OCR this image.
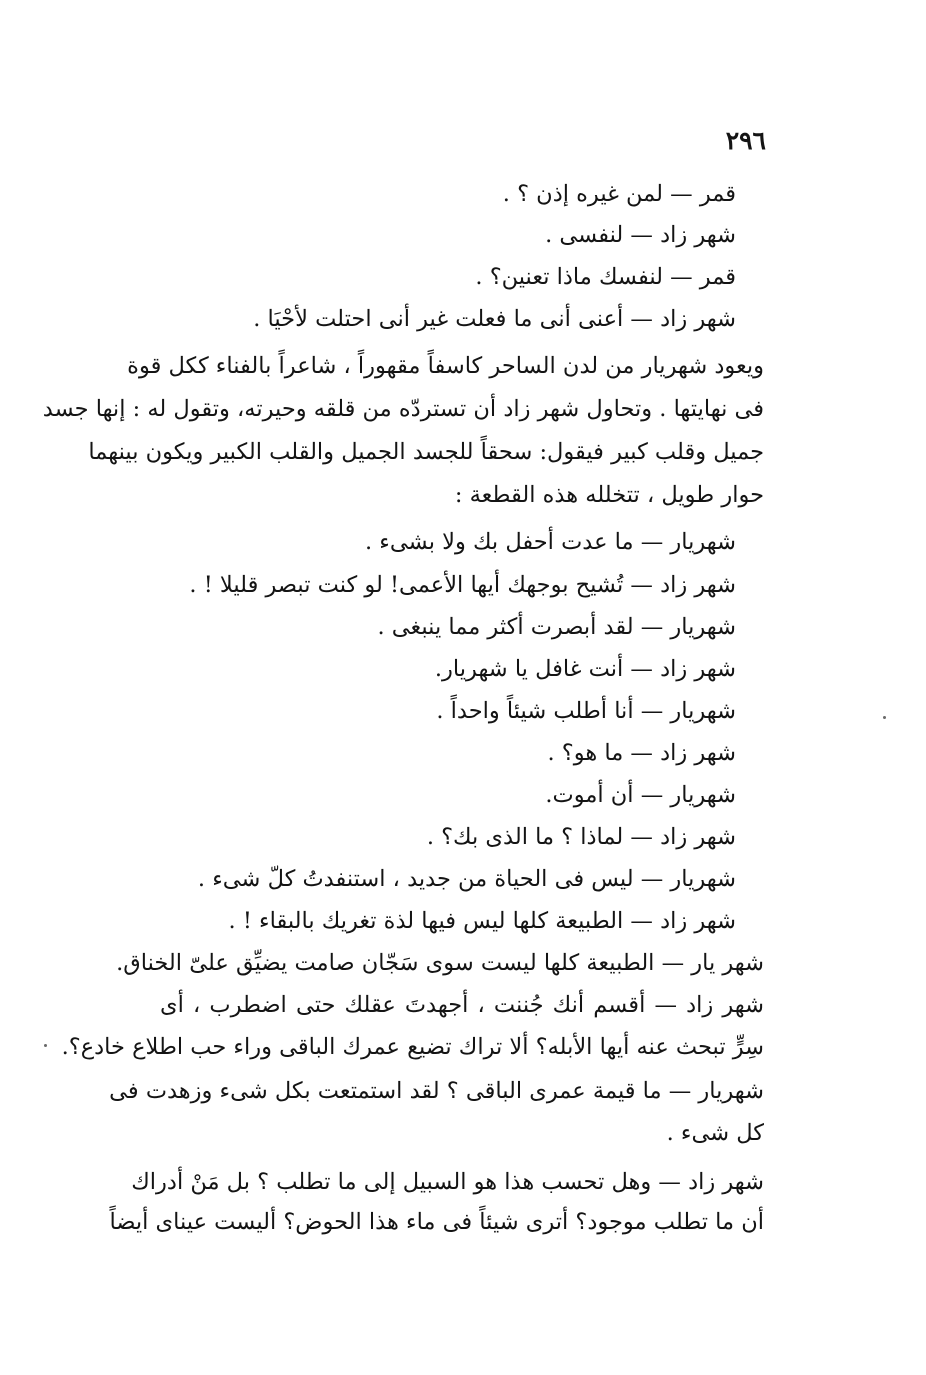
٢٩٦
قمر — لمن غيره إذن ؟ .
شهر زاد — لنفسى .
قمر — لنفسك ماذا تعنين؟ .
شهر زاد — أعنى أنى ما فعلت غير أنى احتلت لأحْيَا .
ويعود شهريار من لدن الساحر كاسفاً مقهوراً ، شاعراً بالفناء ككل قوة
فى نهايتها . وتحاول شهر زاد أن تستردّه من قلقه وحيرته، وتقول له : إنها جسد
جميل وقلب كبير فيقول: سحقاً للجسد الجميل والقلب الكبير ويكون بينهما
حوار طويل ، تتخلله هذه القطعة :
شهريار — ما عدت أحفل بك ولا بشىء .
شهر زاد — تُشيح بوجهك أيها الأعمى! لو كنت تبصر قليلا ! .
شهريار — لقد أبصرت أكثر مما ينبغى .
شهر زاد — أنت غافل يا شهريار.
شهريار — أنا أطلب شيئاً واحداً .
شهر زاد — ما هو؟ .
شهريار — أن أموت.
شهر زاد — لماذا ؟ ما الذى بك؟ .
شهريار — ليس فى الحياة من جديد ، استنفدتُ كلّ شىء .
شهر زاد — الطبيعة كلها ليس فيها لذة تغريك بالبقاء ! .
شهر يار — الطبيعة كلها ليست سوى سَجّان صامت يضيِّق علىّ الخناق.
شهر زاد — أقسم أنك جُننت ، أجهدتَ عقلك حتى اضطرب ، أى
سِرٍّ تبحث عنه أيها الأبله؟ ألا تراك تضيع عمرك الباقى وراء حب اطلاع خادع؟.
شهريار — ما قيمة عمرى الباقى ؟ لقد استمتعت بكل شىء وزهدت فى
كل شىء .
شهر زاد — وهل تحسب هذا هو السبيل إلى ما تطلب ؟ بل مَنْ أدراك
أن ما تطلب موجود؟ أترى شيئاً فى ماء هذا الحوض؟ أليست عيناى أيضاً
